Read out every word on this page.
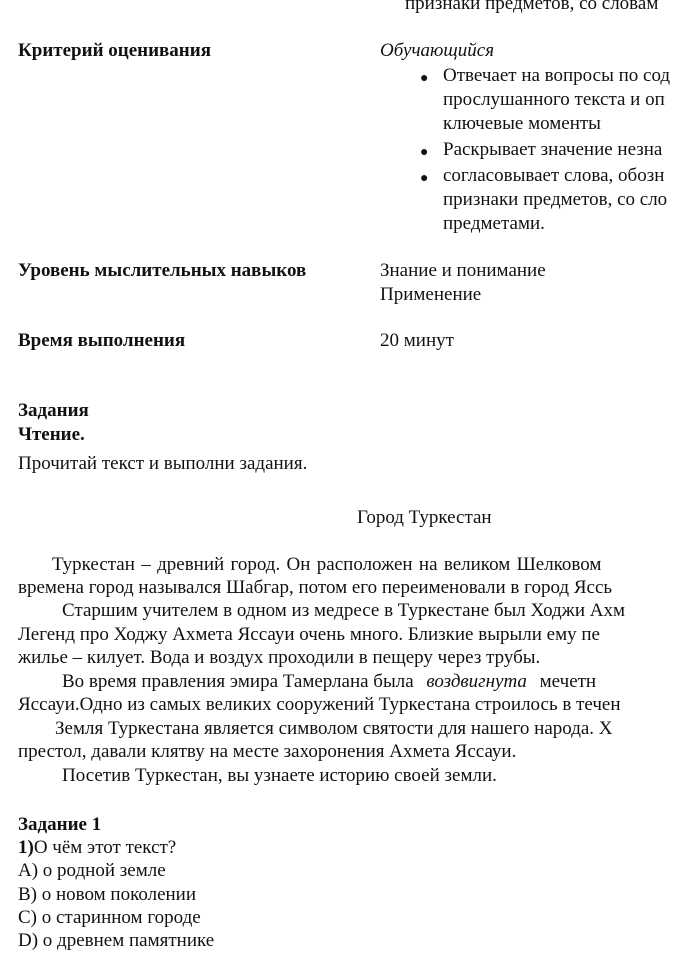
признаки предметов, со словам
Критерий оценивания	Обучающийся
● Отвечает на вопросы по сод
прослушанного текста и оп
ключевые моменты
● Раскрывает значение незна
● согласовывает слова, обозн
признаки предметов, со сло
предметами.
Уровень мыслительных навыков	Знание и понимание
Применение
Время выполнения	20 минут
Задания
Чтение.
Прочитай текст и выполни задания.
Город Туркестан
Туркестан – древний город. Он расположен на великом Шелковом
времена город назывался Шабгар, потом его переименовали в город Яссь
Старшим учителем в одном из медресе в Туркестане был Ходжи Ахм
Легенд про Ходжу Ахмета Яссауи очень много. Близкие вырыли ему пе
жилье – килует. Вода и воздух проходили в пещеру через трубы.
Во время правления эмира Тамерлана была воздвигнута мечетн
Яссауи.Одно из самых великих сооружений Туркестана строилось в течен
Земля Туркестана является символом святости для нашего народа. Х
престол, давали клятву на месте захоронения Ахмета Яссауи.
Посетив Туркестан, вы узнаете историю своей земли.
Задание 1
1)О чём этот текст?
А) о родной земле
В) о новом поколении
С) о старинном городе
D) о древнем памятнике
